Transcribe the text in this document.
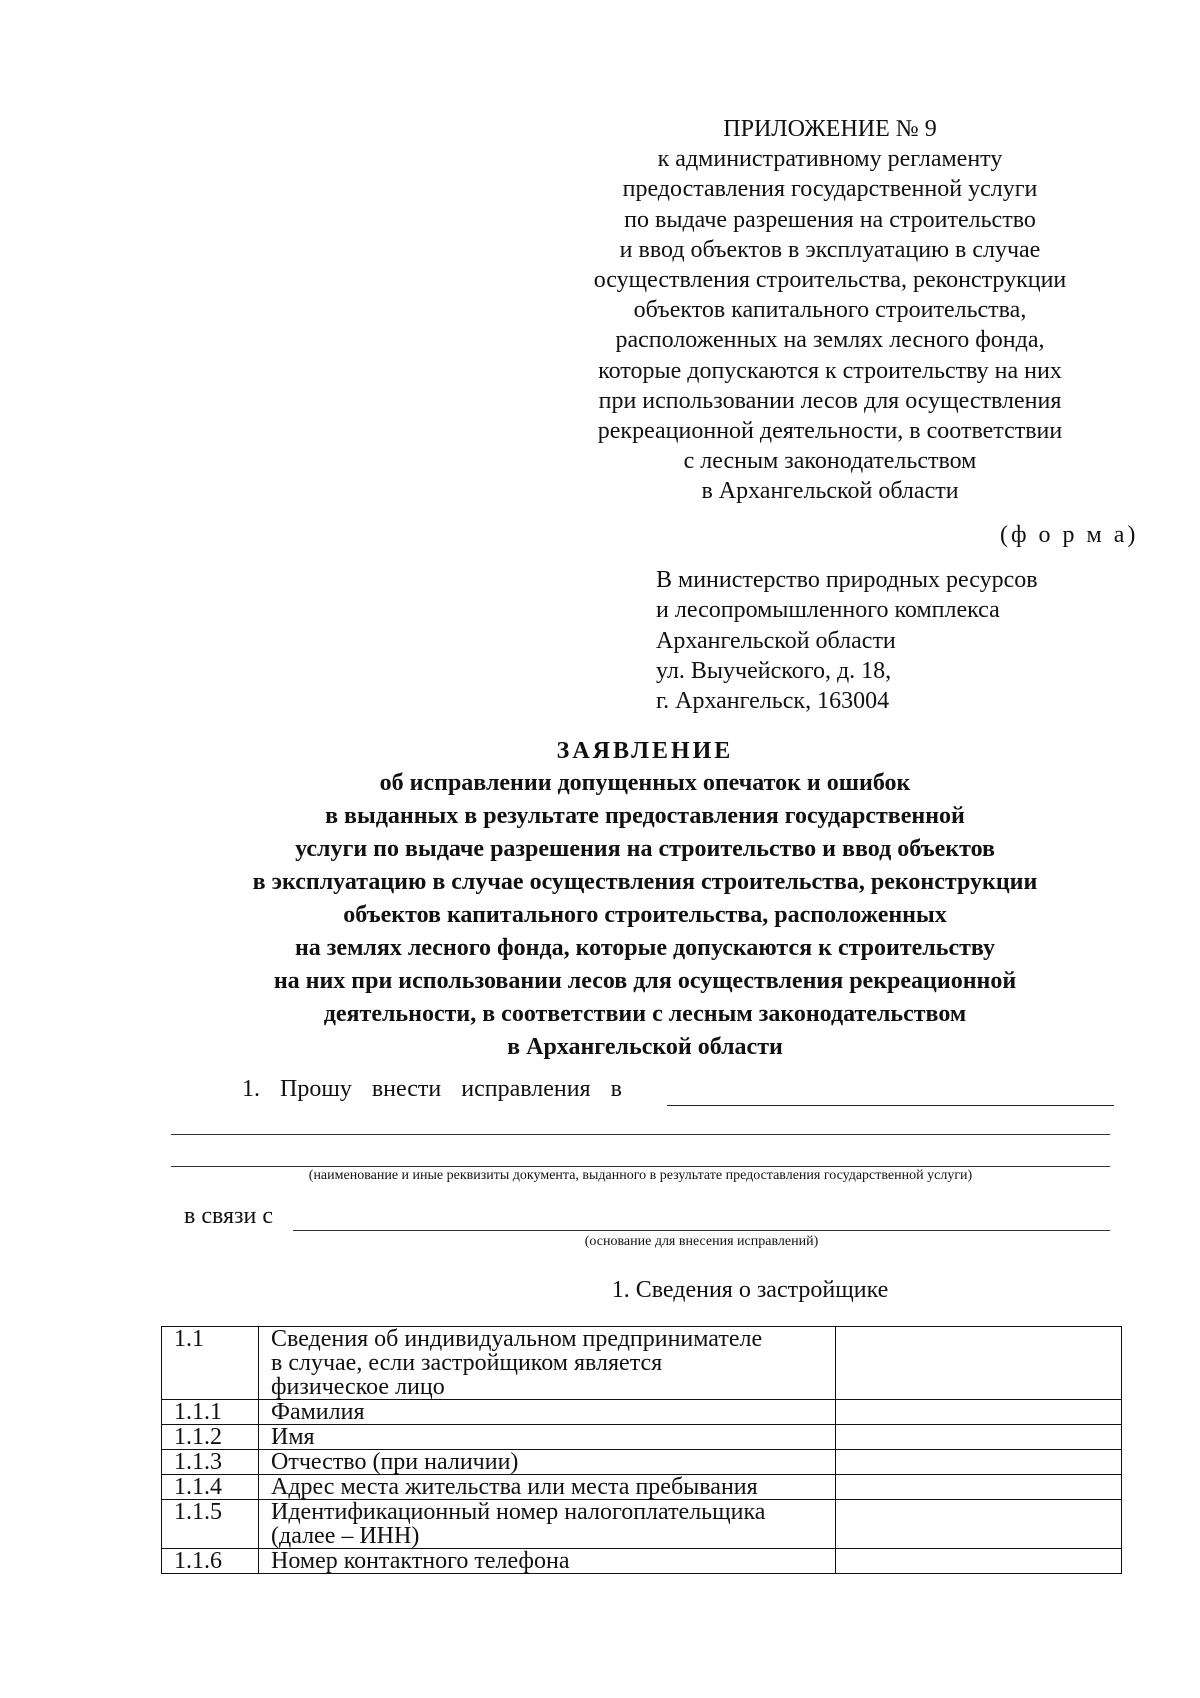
ПРИЛОЖЕНИЕ № 9
к административному регламенту
предоставления государственной услуги
по выдаче разрешения на строительство
и ввод объектов в эксплуатацию в случае
осуществления строительства, реконструкции
объектов капитального строительства,
расположенных на землях лесного фонда,
которые допускаются к строительству на них
при использовании лесов для осуществления
рекреационной деятельности, в соответствии
с лесным законодательством
в Архангельской области
(ф о р м а)
В министерство природных ресурсов
и лесопромышленного комплекса
Архангельской области
ул. Выучейского, д. 18,
г. Архангельск, 163004
ЗАЯВЛЕНИЕ
об исправлении допущенных опечаток и ошибок
в выданных в результате предоставления государственной
услуги по выдаче разрешения на строительство и ввод объектов
в эксплуатацию в случае осуществления строительства, реконструкции
объектов капитального строительства, расположенных
на землях лесного фонда, которые допускаются к строительству
на них при использовании лесов для осуществления рекреационной
деятельности, в соответствии с лесным законодательством
в Архангельской области
1. Прошу внести исправления в
(наименование и иные реквизиты документа, выданного в результате предоставления государственной услуги)
в связи с
(основание для внесения исправлений)
1. Сведения о застройщике
1.1	Сведения об индивидуальном предпринимателе
в случае, если застройщиком является
физическое лицо	

1.1.1	Фамилия	
1.1.2	Имя	
1.1.3	Отчество (при наличии)	
1.1.4	Адрес места жительства или места пребывания	
1.1.5	Идентификационный номер налогоплательщика
(далее – ИНН)	

1.1.6	Номер контактного телефона	
